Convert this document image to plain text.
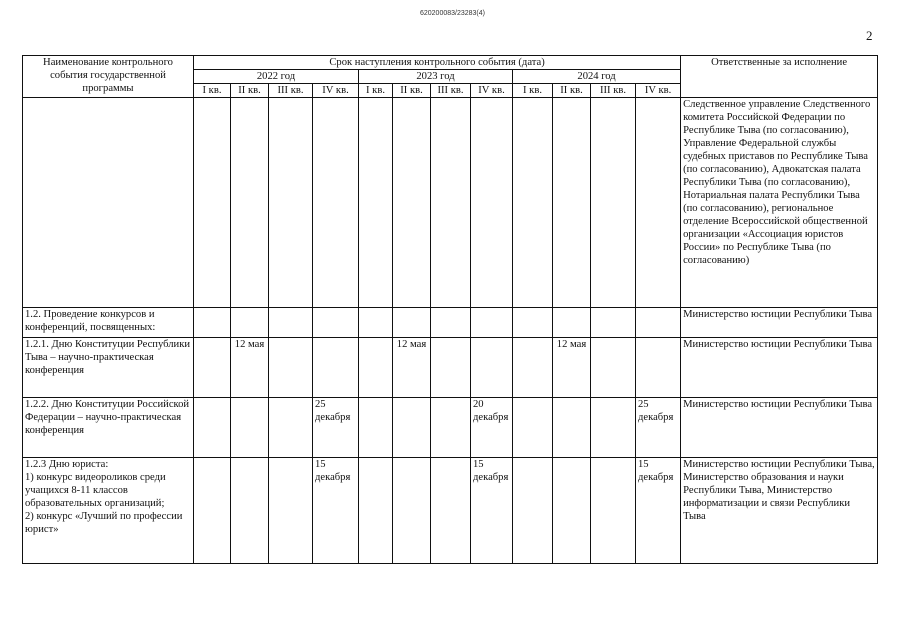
620200083/23283(4)
2
Наименование контрольного события государственной программы	Срок наступления контрольного события (дата)												Ответственные за исполнение
	2022 год				2023 год				2024 год				
	I кв.	II кв.	III кв.	IV кв.	I кв.	II кв.	III кв.	IV кв.	I кв.	II кв.	III кв.	IV кв.	
													Следственное управление Следственного комитета Российской Федерации по Республике Тыва (по согласованию), Управление Федеральной службы судебных приставов по Республике Тыва (по согласованию), Адвокатская палата Республики Тыва (по согласованию), Нотариальная палата Республики Тыва (по согласованию), региональное отделение Всероссийской общественной организации «Ассоциация юристов России» по Республике Тыва (по согласованию)
1.2. Проведение конкурсов и конференций, посвященных:													Министерство юстиции Республики Тыва
1.2.1. Дню Конституции Республики Тыва – научно-практическая конференция		12 мая				12 мая				12 мая			Министерство юстиции Республики Тыва
1.2.2. Дню Конституции Российской Федерации – научно-практическая конференция				25 декабря				20 декабря				25 декабря	Министерство юстиции Республики Тыва
1.2.3 Дню юриста:
1) конкурс видеороликов среди учащихся 8-11 классов образовательных организаций;
2) конкурс «Лучший по профессии юрист»				15 декабря				15 декабря				15 декабря	Министерство юстиции Республики Тыва, Министерство образования и науки Республики Тыва, Министерство информатизации и связи Республики Тыва
